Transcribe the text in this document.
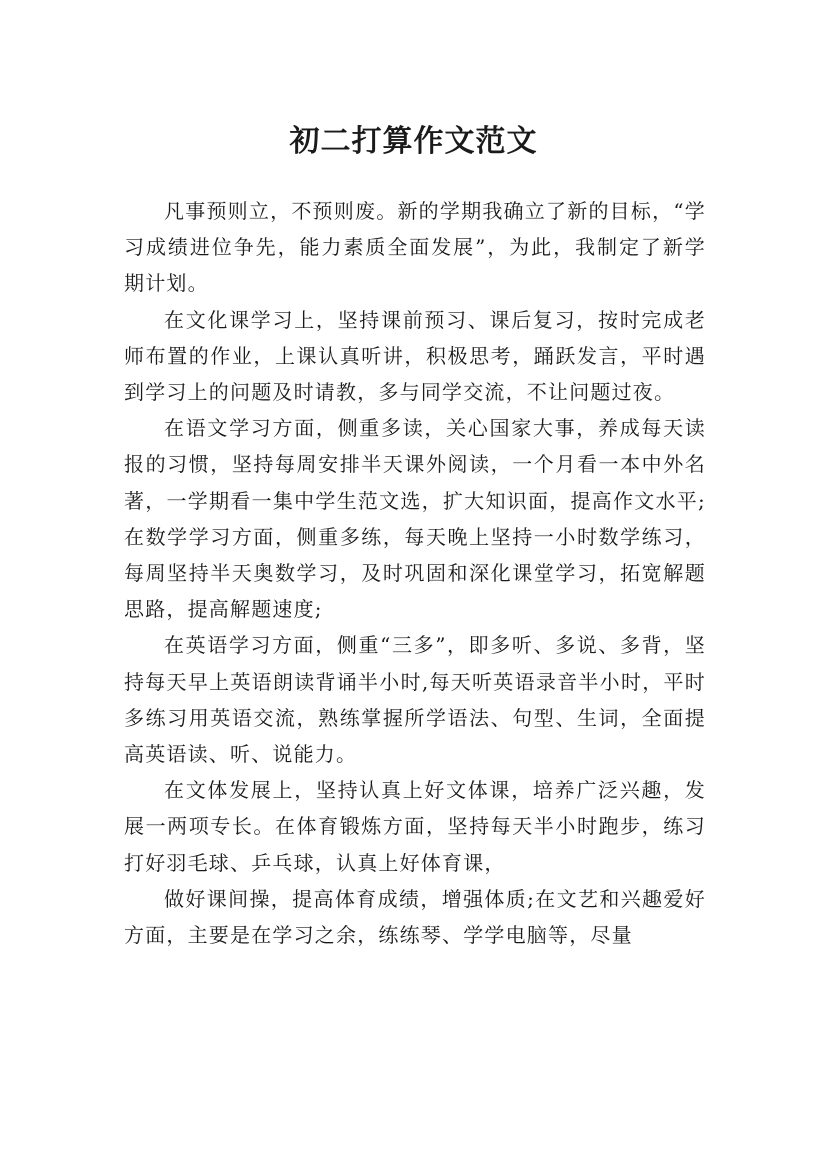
初二打算作文范文

凡事预则立，不预则废。新的学期我确立了新的目标，“学习成绩进位争先，能力素质全面发展”，为此，我制定了新学期计划。

在文化课学习上，坚持课前预习、课后复习，按时完成老师布置的作业，上课认真听讲，积极思考，踊跃发言，平时遇到学习上的问题及时请教，多与同学交流，不让问题过夜。

在语文学习方面，侧重多读，关心国家大事，养成每天读报的习惯，坚持每周安排半天课外阅读，一个月看一本中外名著，一学期看一集中学生范文选，扩大知识面，提高作文水平;在数学学习方面，侧重多练，每天晚上坚持一小时数学练习，每周坚持半天奥数学习，及时巩固和深化课堂学习，拓宽解题思路，提高解题速度;

在英语学习方面，侧重“三多”，即多听、多说、多背，坚持每天早上英语朗读背诵半小时,每天听英语录音半小时，平时多练习用英语交流，熟练掌握所学语法、句型、生词，全面提高英语读、听、说能力。

在文体发展上，坚持认真上好文体课，培养广泛兴趣，发展一两项专长。在体育锻炼方面，坚持每天半小时跑步，练习打好羽毛球、乒乓球，认真上好体育课，

做好课间操，提高体育成绩，增强体质;在文艺和兴趣爱好方面，主要是在学习之余，练练琴、学学电脑等，尽量
